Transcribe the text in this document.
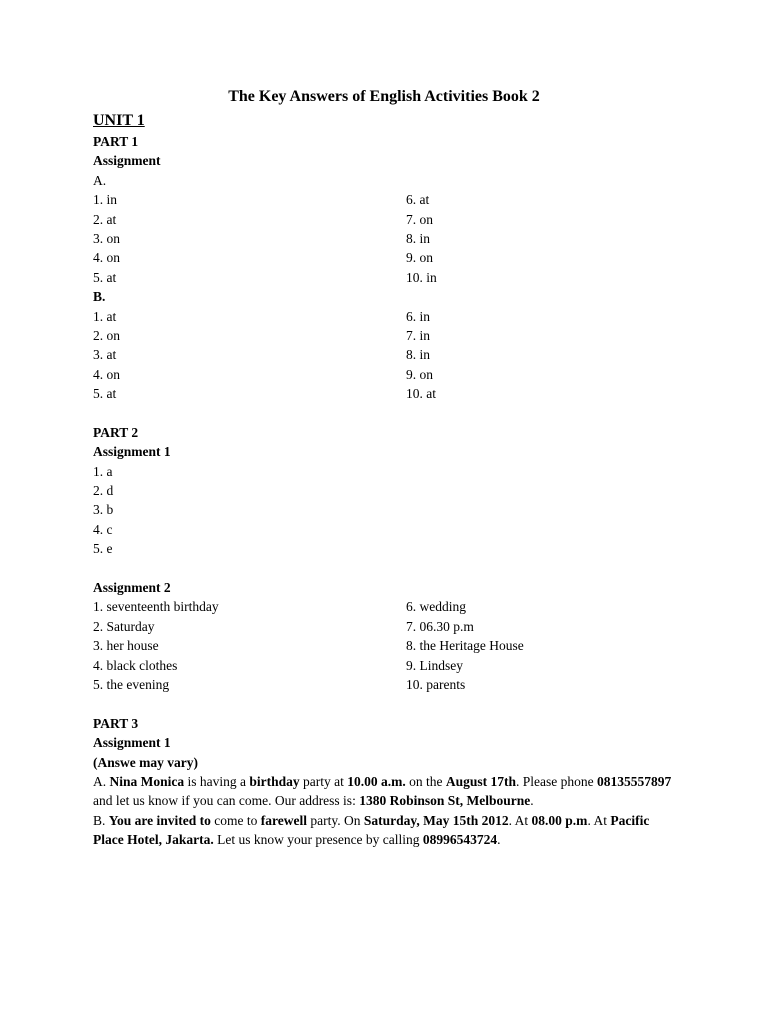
The Key Answers of English Activities Book 2
UNIT 1
PART 1
Assignment
A.
1. in	6. at
2. at	7. on
3. on	8. in
4. on	9. on
5. at	10. in
B.
1. at	6. in
2. on	7. in
3. at	8. in
4. on	9. on
5. at	10. at
PART 2
Assignment 1
1. a
2. d
3. b
4. c
5. e
Assignment 2
1. seventeenth birthday	6. wedding
2. Saturday	7. 06.30 p.m
3. her house	8. the Heritage House
4. black clothes	9. Lindsey
5. the evening	10. parents
PART 3
Assignment 1
(Answe may vary)
A. Nina Monica is having a birthday party at 10.00 a.m. on the August 17th. Please phone 08135557897 and let us know if you can come. Our address is: 1380 Robinson St, Melbourne.
B. You are invited to come to farewell party. On Saturday, May 15th 2012. At 08.00 p.m. At Pacific Place Hotel, Jakarta. Let us know your presence by calling 08996543724.
